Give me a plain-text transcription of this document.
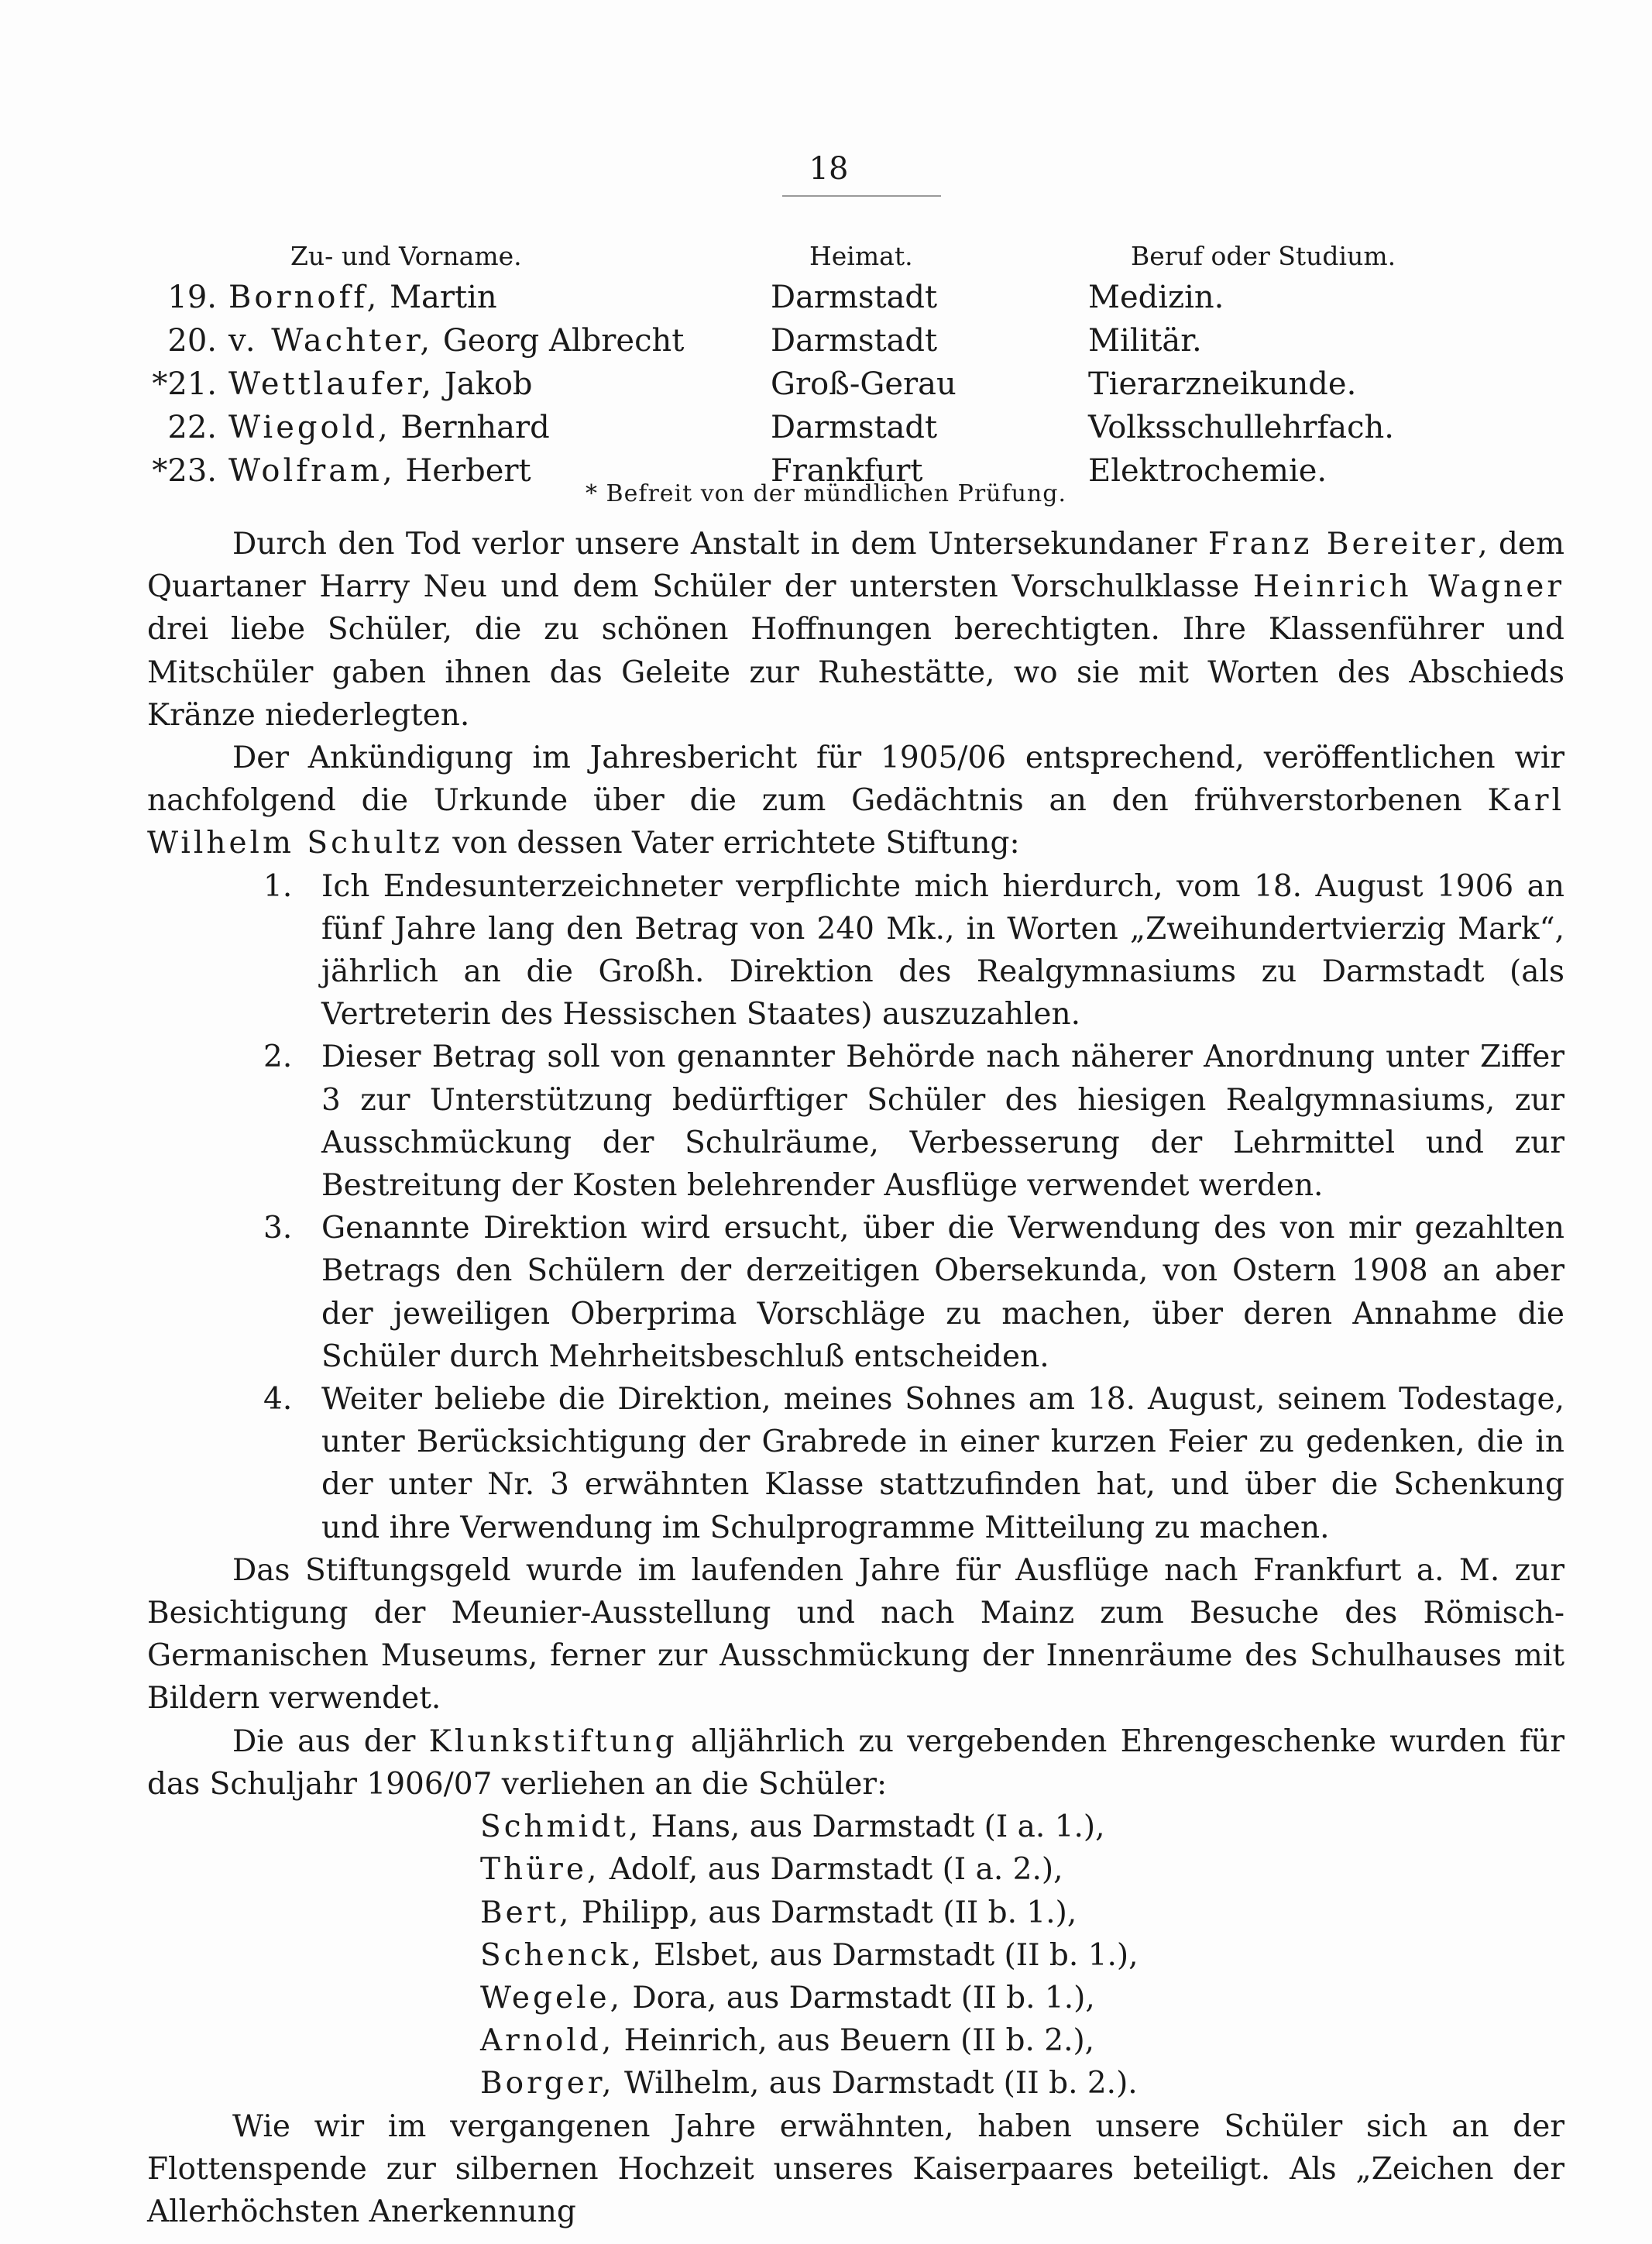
18
Zu- und Vorname.	Heimat.	Beruf oder Studium.
19. Bornoff, Martin	Darmstadt	Medizin.
20. v. Wachter, Georg Albrecht	Darmstadt	Militär.
*21. Wettlaufer, Jakob	Groß-Gerau	Tierarzneikunde.
22. Wiegold, Bernhard	Darmstadt	Volksschullehrfach.
*23. Wolfram, Herbert	Frankfurt	Elektrochemie.
* Befreit von der mündlichen Prüfung.

Durch den Tod verlor unsere Anstalt in dem Untersekundaner Franz Bereiter, dem Quartaner Harry Neu und dem Schüler der untersten Vorschulklasse Heinrich Wagner drei liebe Schüler, die zu schönen Hoffnungen berechtigten. Ihre Klassenführer und Mitschüler gaben ihnen das Geleite zur Ruhestätte, wo sie mit Worten des Abschieds Kränze niederlegten.

Der Ankündigung im Jahresbericht für 1905/06 entsprechend, veröffentlichen wir nachfolgend die Urkunde über die zum Gedächtnis an den frühverstorbenen Karl Wilhelm Schultz von dessen Vater errichtete Stiftung:

1. Ich Endesunterzeichneter verpflichte mich hierdurch, vom 18. August 1906 an fünf Jahre lang den Betrag von 240 Mk., in Worten „Zweihundertvierzig Mark“, jährlich an die Großh. Direktion des Realgymnasiums zu Darmstadt (als Vertreterin des Hessischen Staates) auszuzahlen.
2. Dieser Betrag soll von genannter Behörde nach näherer Anordnung unter Ziffer 3 zur Unterstützung bedürftiger Schüler des hiesigen Realgymnasiums, zur Ausschmückung der Schulräume, Verbesserung der Lehrmittel und zur Bestreitung der Kosten belehrender Ausflüge verwendet werden.
3. Genannte Direktion wird ersucht, über die Verwendung des von mir gezahlten Betrags den Schülern der derzeitigen Obersekunda, von Ostern 1908 an aber der jeweiligen Oberprima Vorschläge zu machen, über deren Annahme die Schüler durch Mehrheitsbeschluß entscheiden.
4. Weiter beliebe die Direktion, meines Sohnes am 18. August, seinem Todestage, unter Berücksichtigung der Grabrede in einer kurzen Feier zu gedenken, die in der unter Nr. 3 erwähnten Klasse stattzufinden hat, und über die Schenkung und ihre Verwendung im Schulprogramme Mitteilung zu machen.

Das Stiftungsgeld wurde im laufenden Jahre für Ausflüge nach Frankfurt a. M. zur Besichtigung der Meunier-Ausstellung und nach Mainz zum Besuche des Römisch-Germanischen Museums, ferner zur Ausschmückung der Innenräume des Schulhauses mit Bildern verwendet.

Die aus der Klunkstiftung alljährlich zu vergebenden Ehrengeschenke wurden für das Schuljahr 1906/07 verliehen an die Schüler:

Schmidt, Hans, aus Darmstadt (I a. 1.),
Thüre, Adolf, aus Darmstadt (I a. 2.),
Bert, Philipp, aus Darmstadt (II b. 1.),
Schenck, Elsbet, aus Darmstadt (II b. 1.),
Wegele, Dora, aus Darmstadt (II b. 1.),
Arnold, Heinrich, aus Beuern (II b. 2.),
Borger, Wilhelm, aus Darmstadt (II b. 2.).

Wie wir im vergangenen Jahre erwähnten, haben unsere Schüler sich an der Flottenspende zur silbernen Hochzeit unseres Kaiserpaares beteiligt. Als „Zeichen der Allerhöchsten Anerkennung
